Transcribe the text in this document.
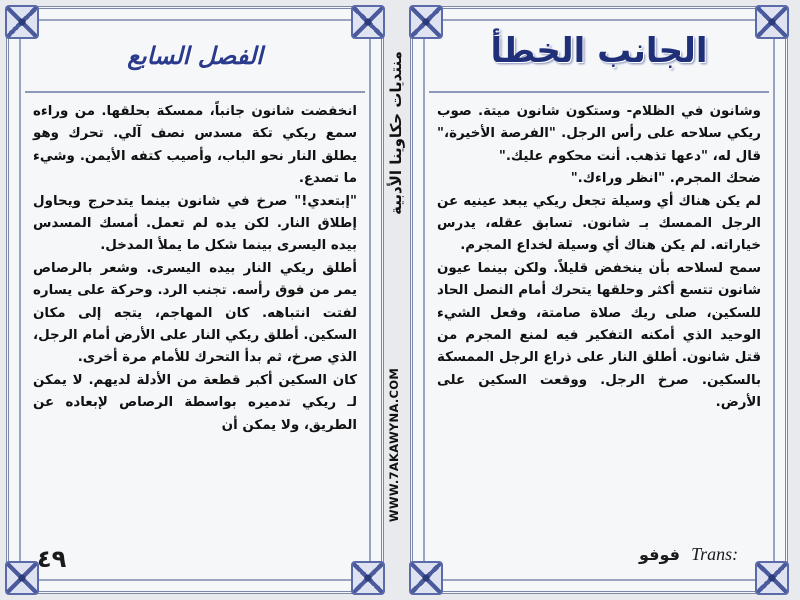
الفصل السابع

انخفضت شانون جانباً، ممسكة بحلقها. من وراءه سمع ريكي تكة مسدس نصف آلي. تحرك وهو يطلق النار نحو الباب، وأصيب كتفه الأيمن. وشيء ما تصدع.

"إبتعدي!" صرخ في شانون بينما يتدحرج ويحاول إطلاق النار. لكن يده لم تعمل. أمسك المسدس بيده اليسرى بينما شكل ما يملأ المدخل.

أطلق ريكي النار بيده اليسرى. وشعر بالرصاص يمر من فوق رأسه. تجنب الرد. وحركة على يساره لفتت انتباهه. كان المهاجم، يتجه إلى مكان السكين. أطلق ريكي النار على الأرض أمام الرجل، الذي صرخ، ثم بدأ التحرك للأمام مرة أخرى.

كان السكين أكبر قطعة من الأدلة لديهم. لا يمكن لـ ريكي تدميره بواسطة الرصاص لإبعاده عن الطريق، ولا يمكن أن

٤٩
منتديات حكاوينا الأدبية
WWW.7AKAWYNA.COM
الجانب الخطأ

وشانون في الظلام- وستكون شانون ميتة. صوب ريكي سلاحه على رأس الرجل. "الفرصة الأخيرة،" قال له، "دعها تذهب. أنت محكوم عليك."

ضحك المجرم. "انظر وراءك."

لم يكن هناك أي وسيلة تجعل ريكي يبعد عينيه عن الرجل الممسك بـ شانون. تسابق عقله، يدرس خياراته. لم يكن هناك أي وسيلة لخداع المجرم.

سمح لسلاحه بأن ينخفض قليلاً. ولكن بينما عيون شانون تتسع أكثر وحلقها يتحرك أمام النصل الحاد للسكين، صلى ريك صلاة صامتة، وفعل الشيء الوحيد الذي أمكنه التفكير فيه لمنع المجرم من قتل شانون. أطلق النار على ذراع الرجل الممسكة بالسكين. صرخ الرجل. ووقعت السكين على الأرض.

فوفو Trans:
